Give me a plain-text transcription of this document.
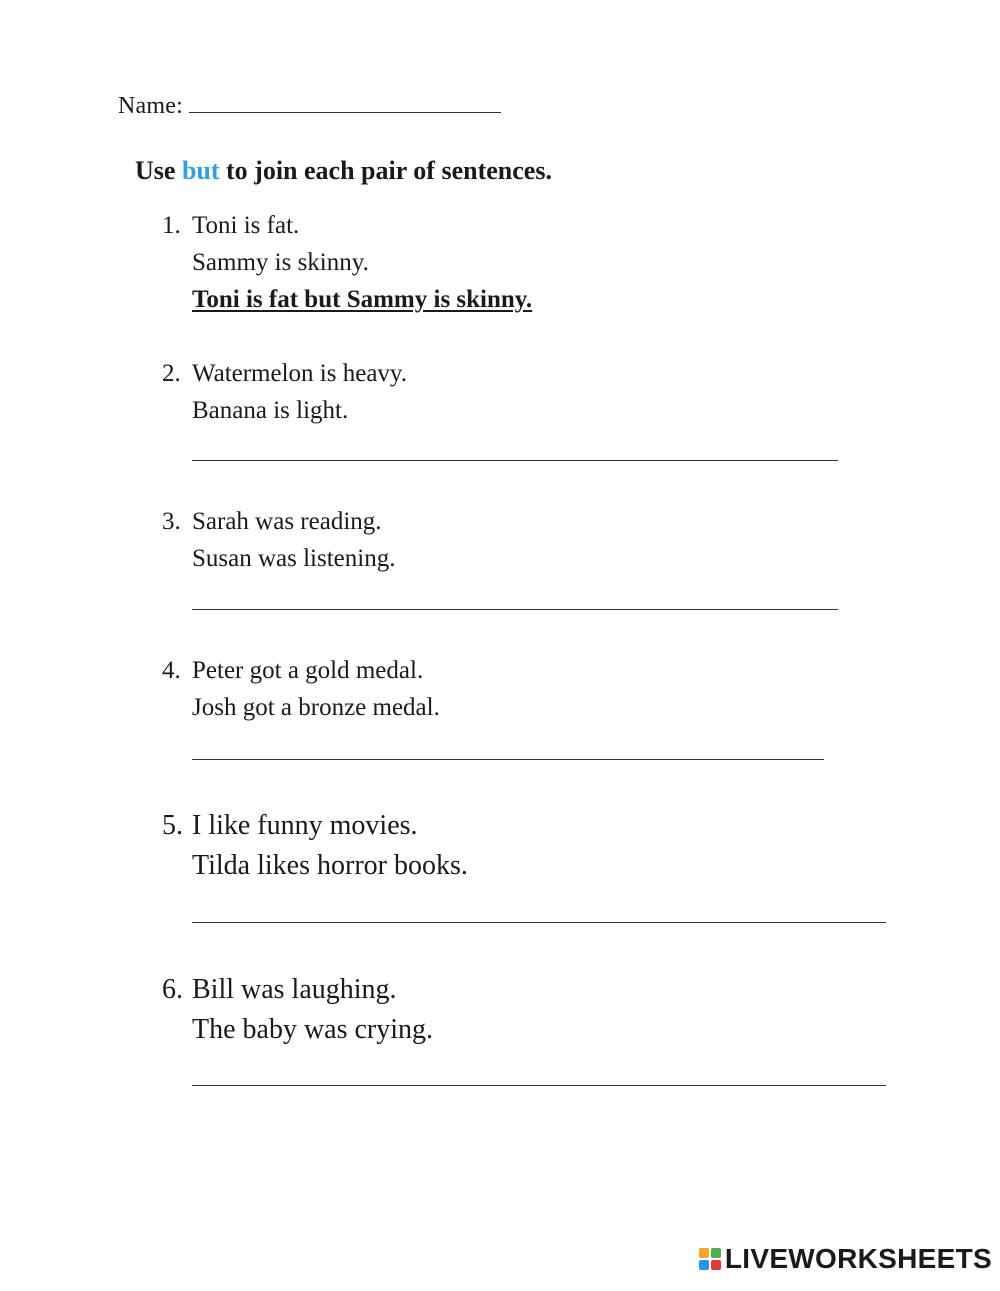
Name:
Use but to join each pair of sentences.
1. Toni is fat.
Sammy is skinny.
Toni is fat but Sammy is skinny.
2. Watermelon is heavy.
Banana is light.
3. Sarah was reading.
Susan was listening.
4. Peter got a gold medal.
Josh got a bronze medal.
5. I like funny movies.
Tilda likes horror books.
6. Bill was laughing.
The baby was crying.
LIVEWORKSHEETS
